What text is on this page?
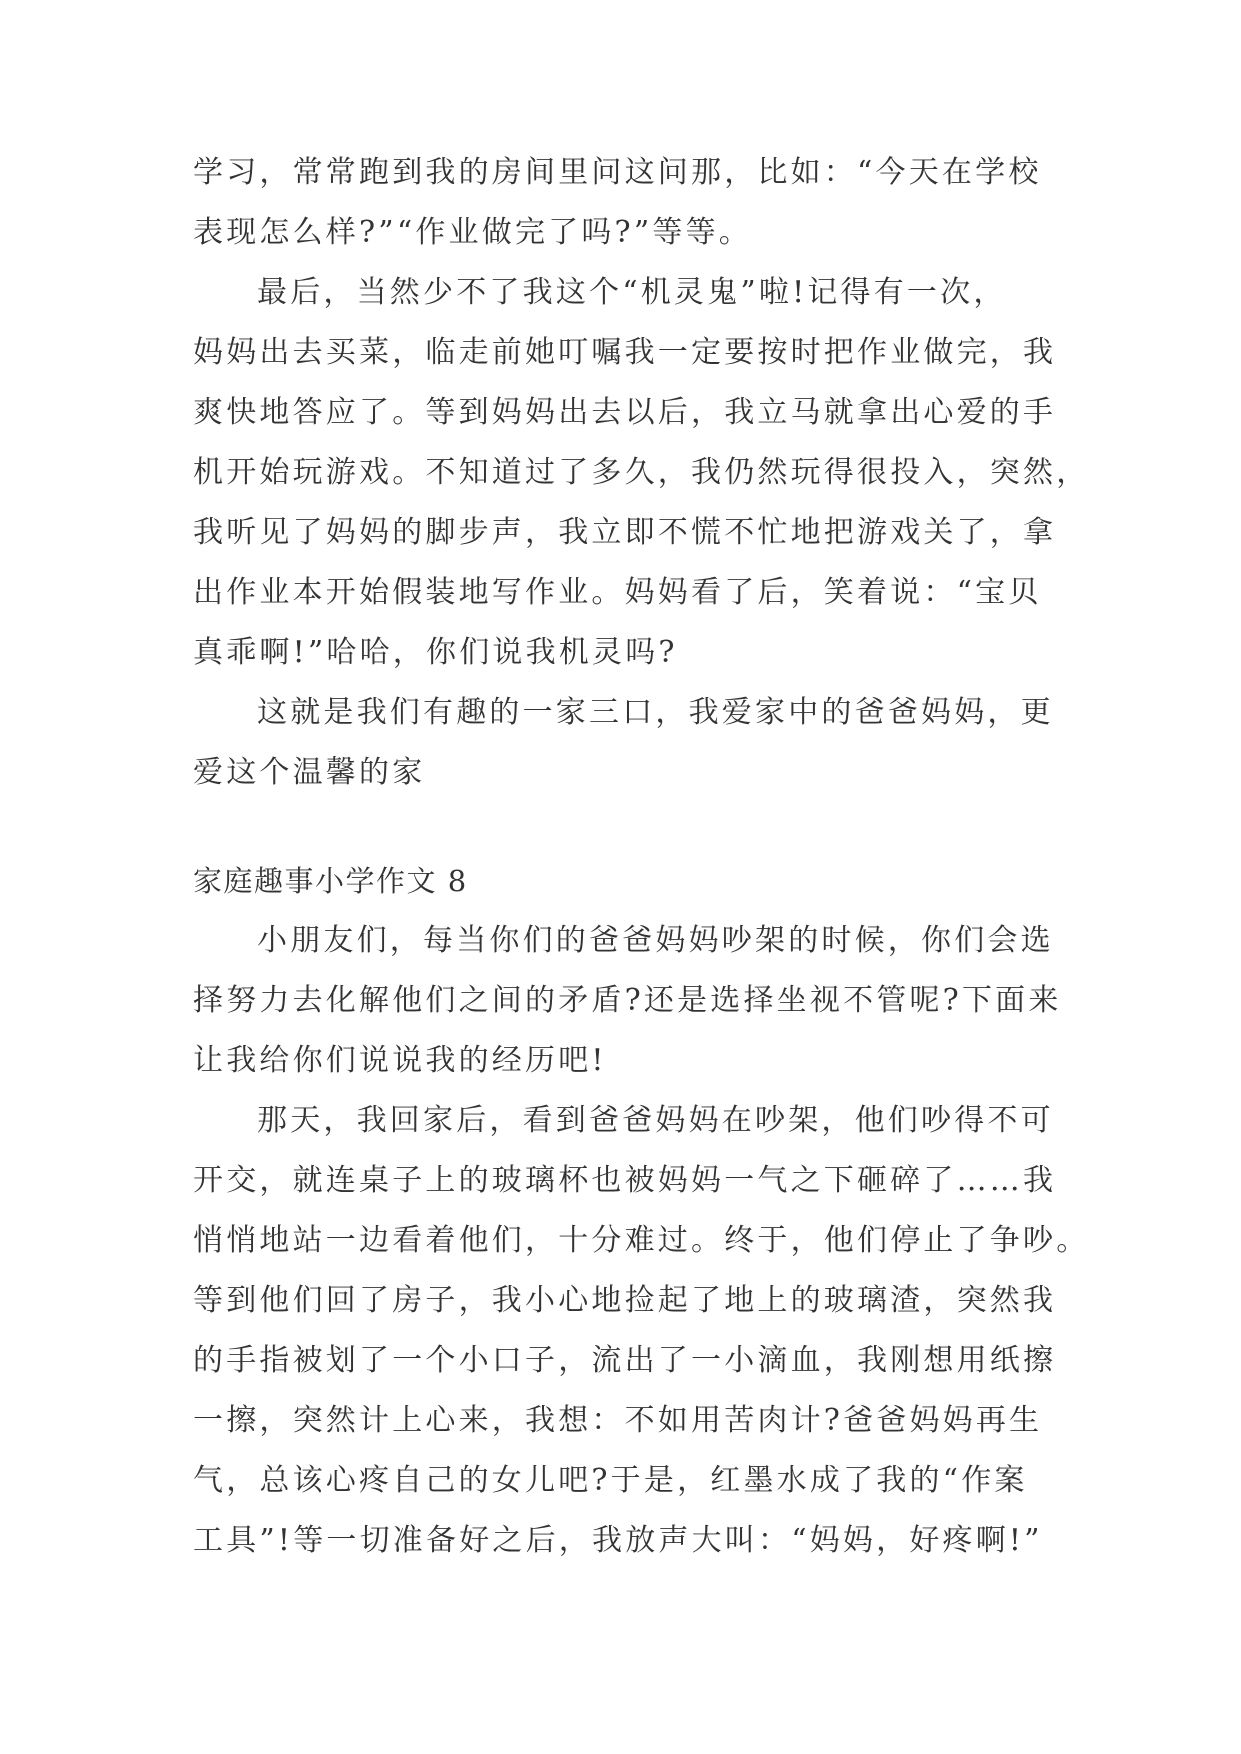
学习，常常跑到我的房间里问这问那，比如：“今天在学校
表现怎么样?”“作业做完了吗?”等等。
最后，当然少不了我这个“机灵鬼”啦!记得有一次，
妈妈出去买菜，临走前她叮嘱我一定要按时把作业做完，我
爽快地答应了。等到妈妈出去以后，我立马就拿出心爱的手
机开始玩游戏。不知道过了多久，我仍然玩得很投入，突然，
我听见了妈妈的脚步声，我立即不慌不忙地把游戏关了，拿
出作业本开始假装地写作业。妈妈看了后，笑着说：“宝贝
真乖啊!”哈哈，你们说我机灵吗?
这就是我们有趣的一家三口，我爱家中的爸爸妈妈，更
爱这个温馨的家
家庭趣事小学作文 8
小朋友们，每当你们的爸爸妈妈吵架的时候，你们会选
择努力去化解他们之间的矛盾?还是选择坐视不管呢?下面来
让我给你们说说我的经历吧!
那天，我回家后，看到爸爸妈妈在吵架，他们吵得不可
开交，就连桌子上的玻璃杯也被妈妈一气之下砸碎了……我
悄悄地站一边看着他们，十分难过。终于，他们停止了争吵。
等到他们回了房子，我小心地捡起了地上的玻璃渣，突然我
的手指被划了一个小口子，流出了一小滴血，我刚想用纸擦
一擦，突然计上心来，我想：不如用苦肉计?爸爸妈妈再生
气，总该心疼自己的女儿吧?于是，红墨水成了我的“作案
工具”!等一切准备好之后，我放声大叫：“妈妈，好疼啊!”
